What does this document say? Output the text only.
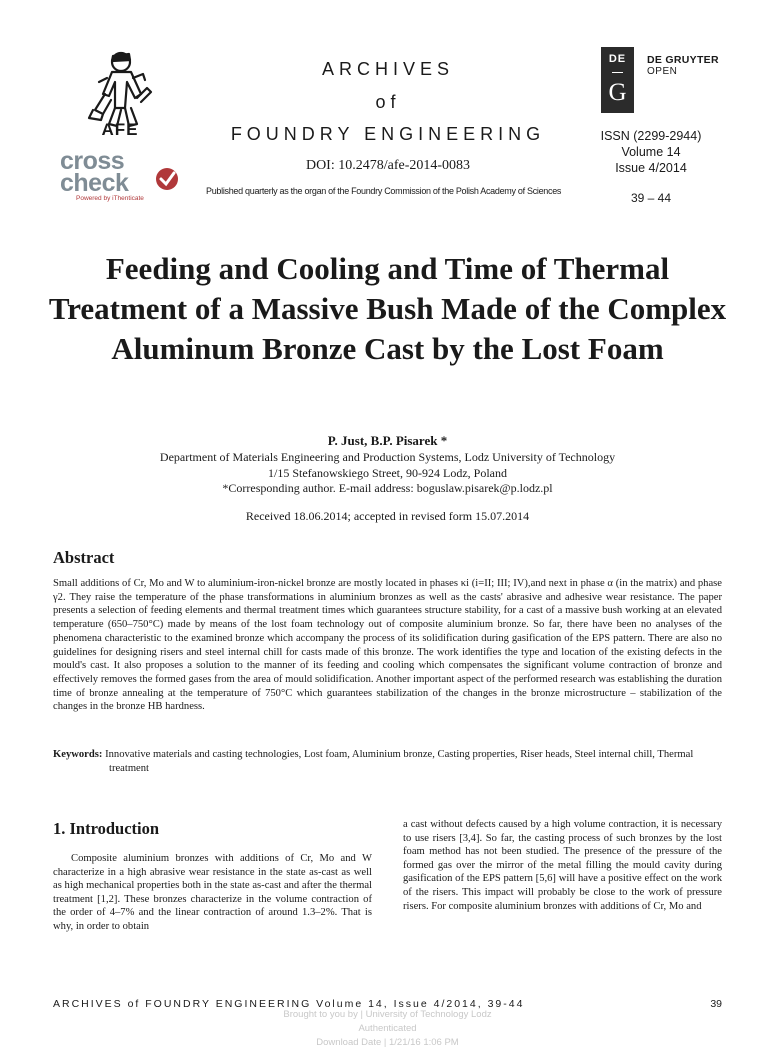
AFE
cross
check
Powered by iThenticate
ARCHIVES
of
FOUNDRY ENGINEERING
DOI: 10.2478/afe-2014-0083
Published quarterly as the organ of the Foundry Commission of the Polish Academy of Sciences
DE
G
DE GRUYTER
OPEN
ISSN (2299-2944)
Volume 14
Issue 4/2014
39 – 44
Feeding and Cooling and Time of Thermal Treatment of a Massive Bush Made of the Complex Aluminum Bronze Cast by the Lost Foam
P. Just, B.P. Pisarek *
Department of Materials Engineering and Production Systems, Lodz University of Technology
1/15 Stefanowskiego Street, 90-924 Lodz, Poland
*Corresponding author. E-mail address: boguslaw.pisarek@p.lodz.pl
Received 18.06.2014; accepted in revised form 15.07.2014
Abstract
Small additions of Cr, Mo and W to aluminium-iron-nickel bronze are mostly located in phases κi (i=II; III; IV),and next in phase α (in the matrix) and phase γ2. They raise the temperature of the phase transformations in aluminium bronzes as well as the casts' abrasive and adhesive wear resistance. The paper presents a selection of feeding elements and thermal treatment times which guarantees structure stability, for a cast of a massive bush working at an elevated temperature (650–750°C) made by means of the lost foam technology out of composite aluminium bronze. So far, there have been no analyses of the phenomena characteristic to the examined bronze which accompany the process of its solidification during gasification of the EPS pattern. There are also no guidelines for designing risers and steel internal chill for casts made of this bronze. The work identifies the type and location of the existing defects in the mould's cast. It also proposes a solution to the manner of its feeding and cooling which compensates the significant volume contraction of bronze and effectively removes the formed gases from the area of mould solidification. Another important aspect of the performed research was establishing the duration time of bronze annealing at the temperature of 750°C which guarantees stabilization of the changes in the bronze microstructure – stabilization of the changes in the bronze HB hardness.
Keywords: Innovative materials and casting technologies, Lost foam, Aluminium bronze, Casting properties, Riser heads, Steel internal chill, Thermal treatment
1. Introduction
Composite aluminium bronzes with additions of Cr, Mo and W characterize in a high abrasive wear resistance in the state as-cast as well as high mechanical properties both in the state as-cast and after the thermal treatment [1,2]. These bronzes characterize in the volume contraction of the order of 4–7% and the linear contraction of around 1.3–2%. That is why, in order to obtain
a cast without defects caused by a high volume contraction, it is necessary to use risers [3,4]. So far, the casting process of such bronzes by the lost foam method has not been studied. The presence of the pressure of the formed gas over the mirror of the metal filling the mould cavity during gasification of the EPS pattern [5,6] will have a positive effect on the work of the risers. This impact will probably be close to the work of pressure risers. For composite aluminium bronzes with additions of Cr, Mo and
ARCHIVES of FOUNDRY ENGINEERING Volume 14, Issue 4/2014, 39-44	39
Brought to you by | University of Technology Lodz
Authenticated
Download Date | 1/21/16 1:06 PM
